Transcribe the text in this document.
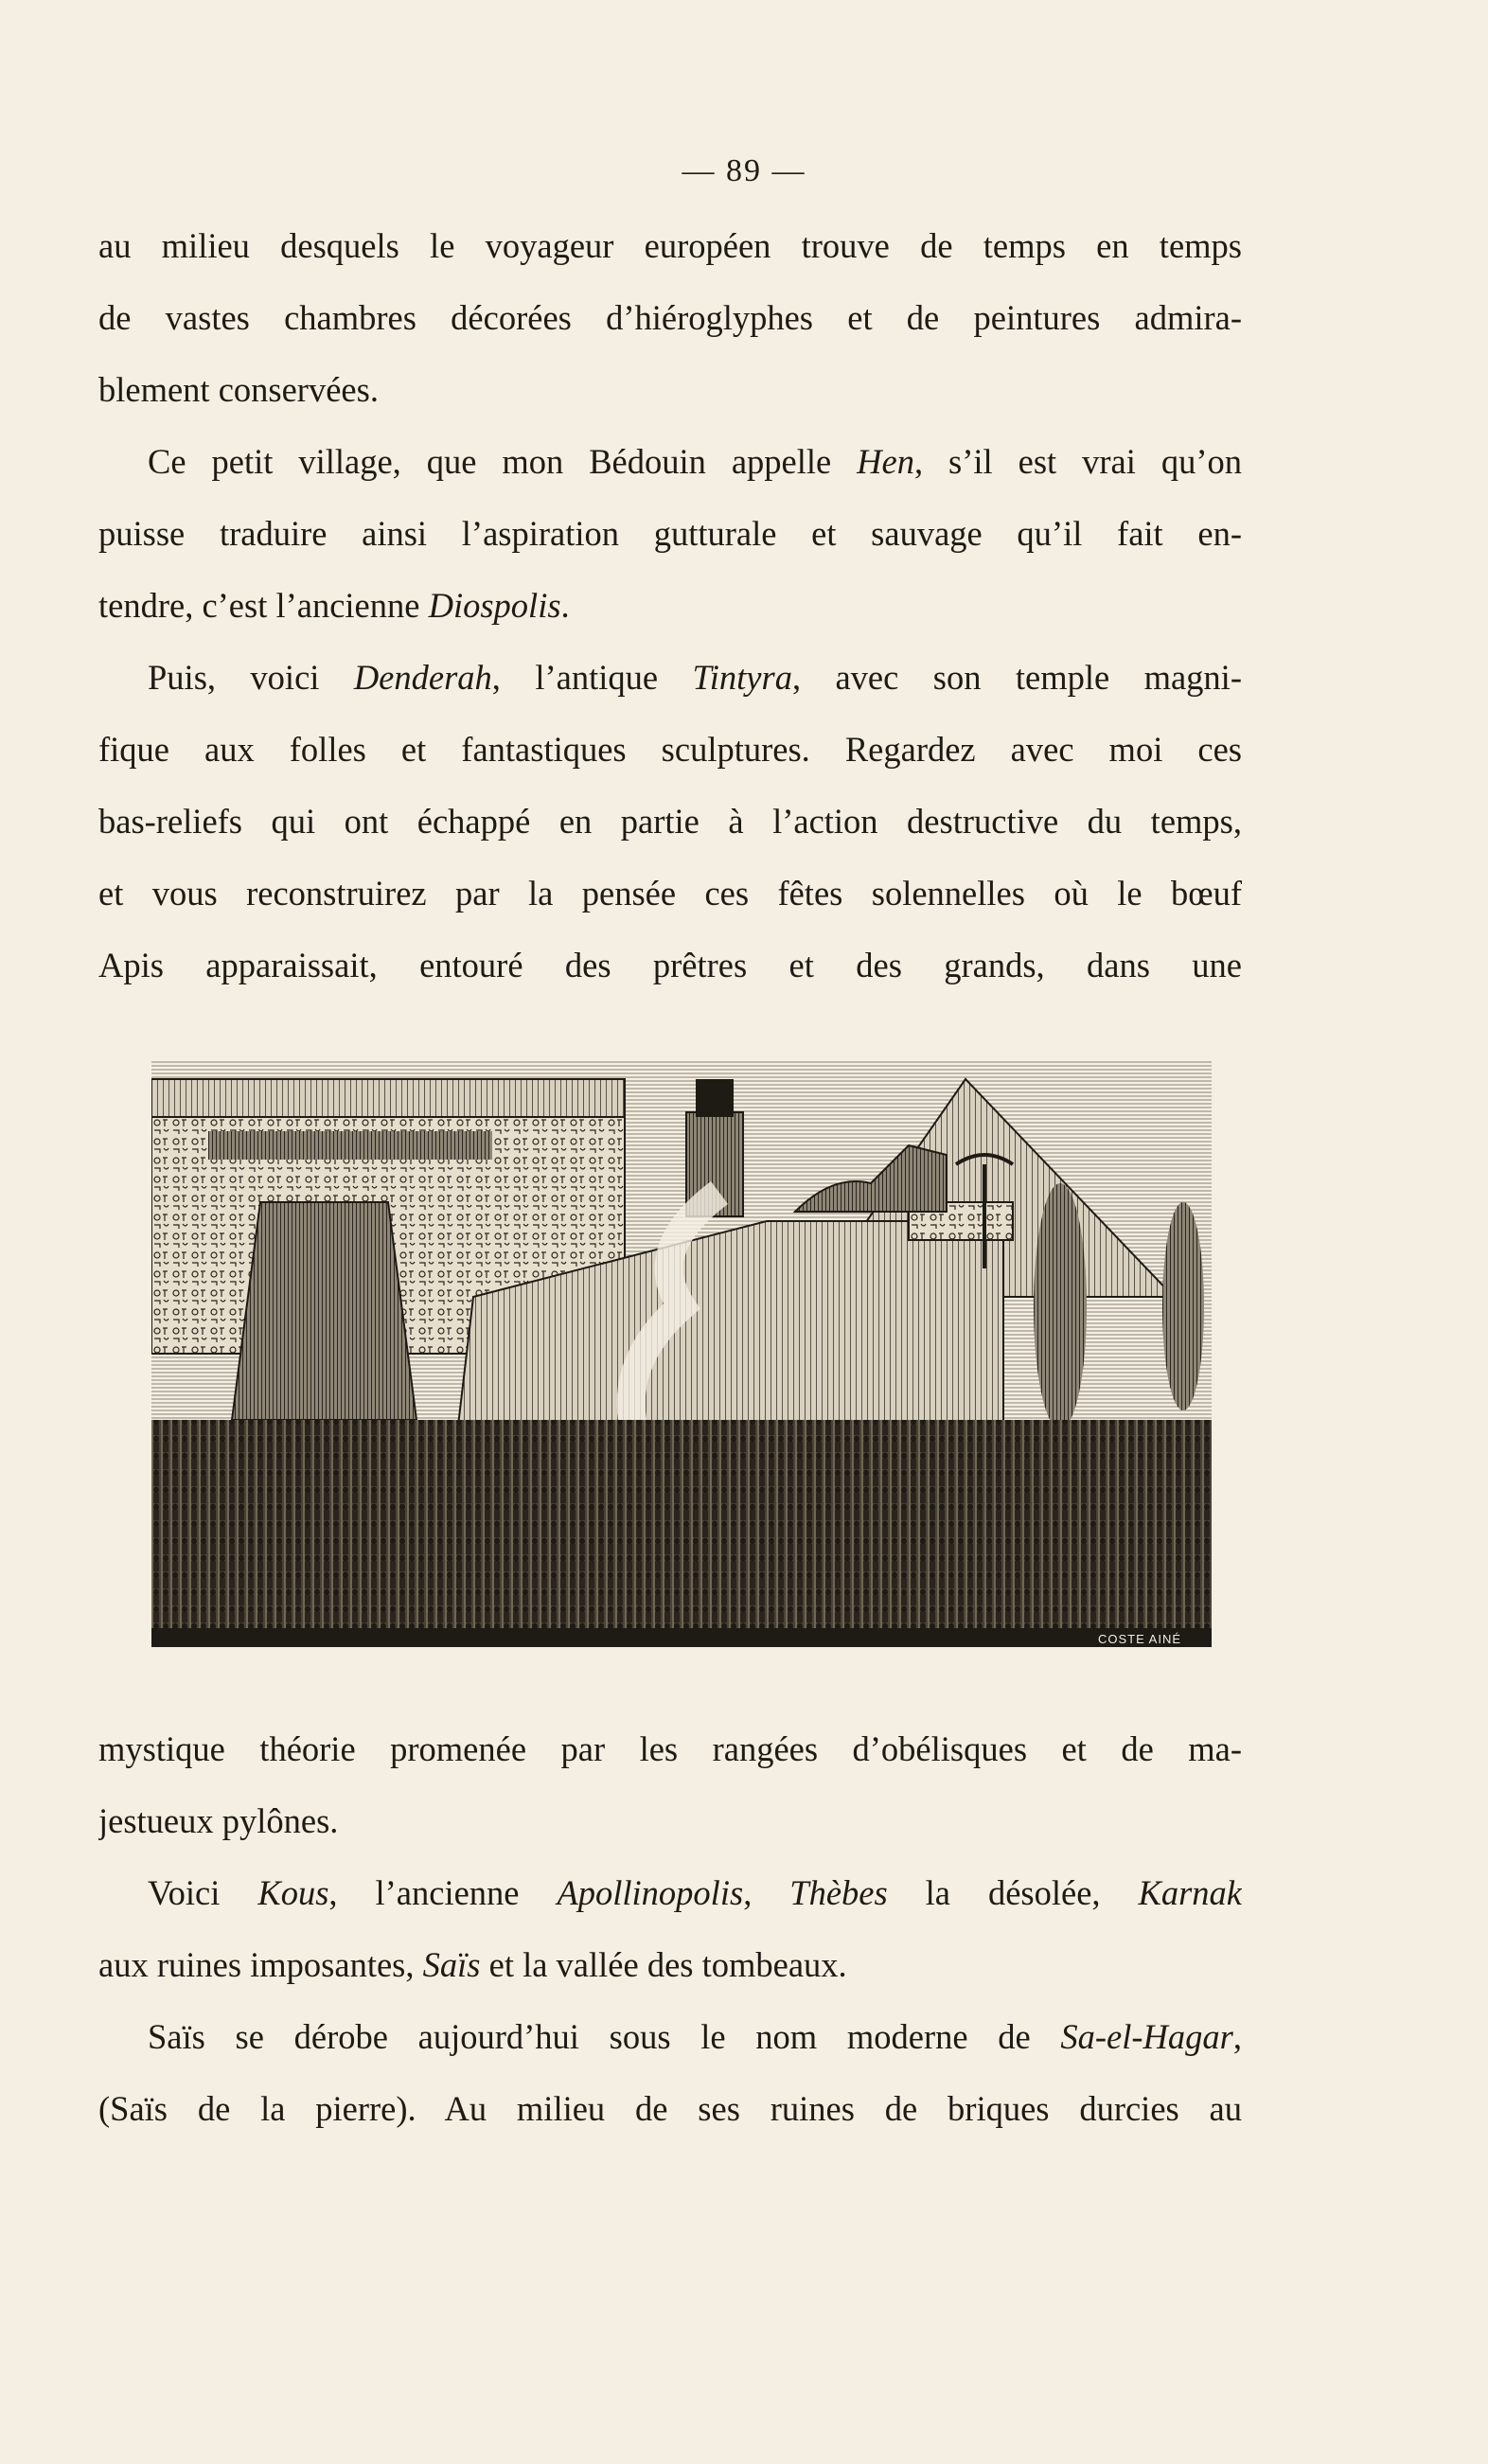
— 89 —
au milieu desquels le voyageur européen trouve de temps en temps
de vastes chambres décorées d’hiéroglyphes et de peintures admira-
blement conservées.
Ce petit village, que mon Bédouin appelle Hen, s’il est vrai qu’on
puisse traduire ainsi l’aspiration gutturale et sauvage qu’il fait en-
tendre, c’est l’ancienne Diospolis.
Puis, voici Denderah, l’antique Tintyra, avec son temple magni-
fique aux folles et fantastiques sculptures. Regardez avec moi ces
bas-reliefs qui ont échappé en partie à l’action destructive du temps,
et vous reconstruirez par la pensée ces fêtes solennelles où le bœuf
Apis apparaissait, entouré des prêtres et des grands, dans une
COSTE AINÉ
mystique théorie promenée par les rangées d’obélisques et de ma-
jestueux pylônes.
Voici Kous, l’ancienne Apollinopolis, Thèbes la désolée, Karnak
aux ruines imposantes, Saïs et la vallée des tombeaux.
Saïs se dérobe aujourd’hui sous le nom moderne de Sa-el-Hagar,
(Saïs de la pierre). Au milieu de ses ruines de briques durcies au
